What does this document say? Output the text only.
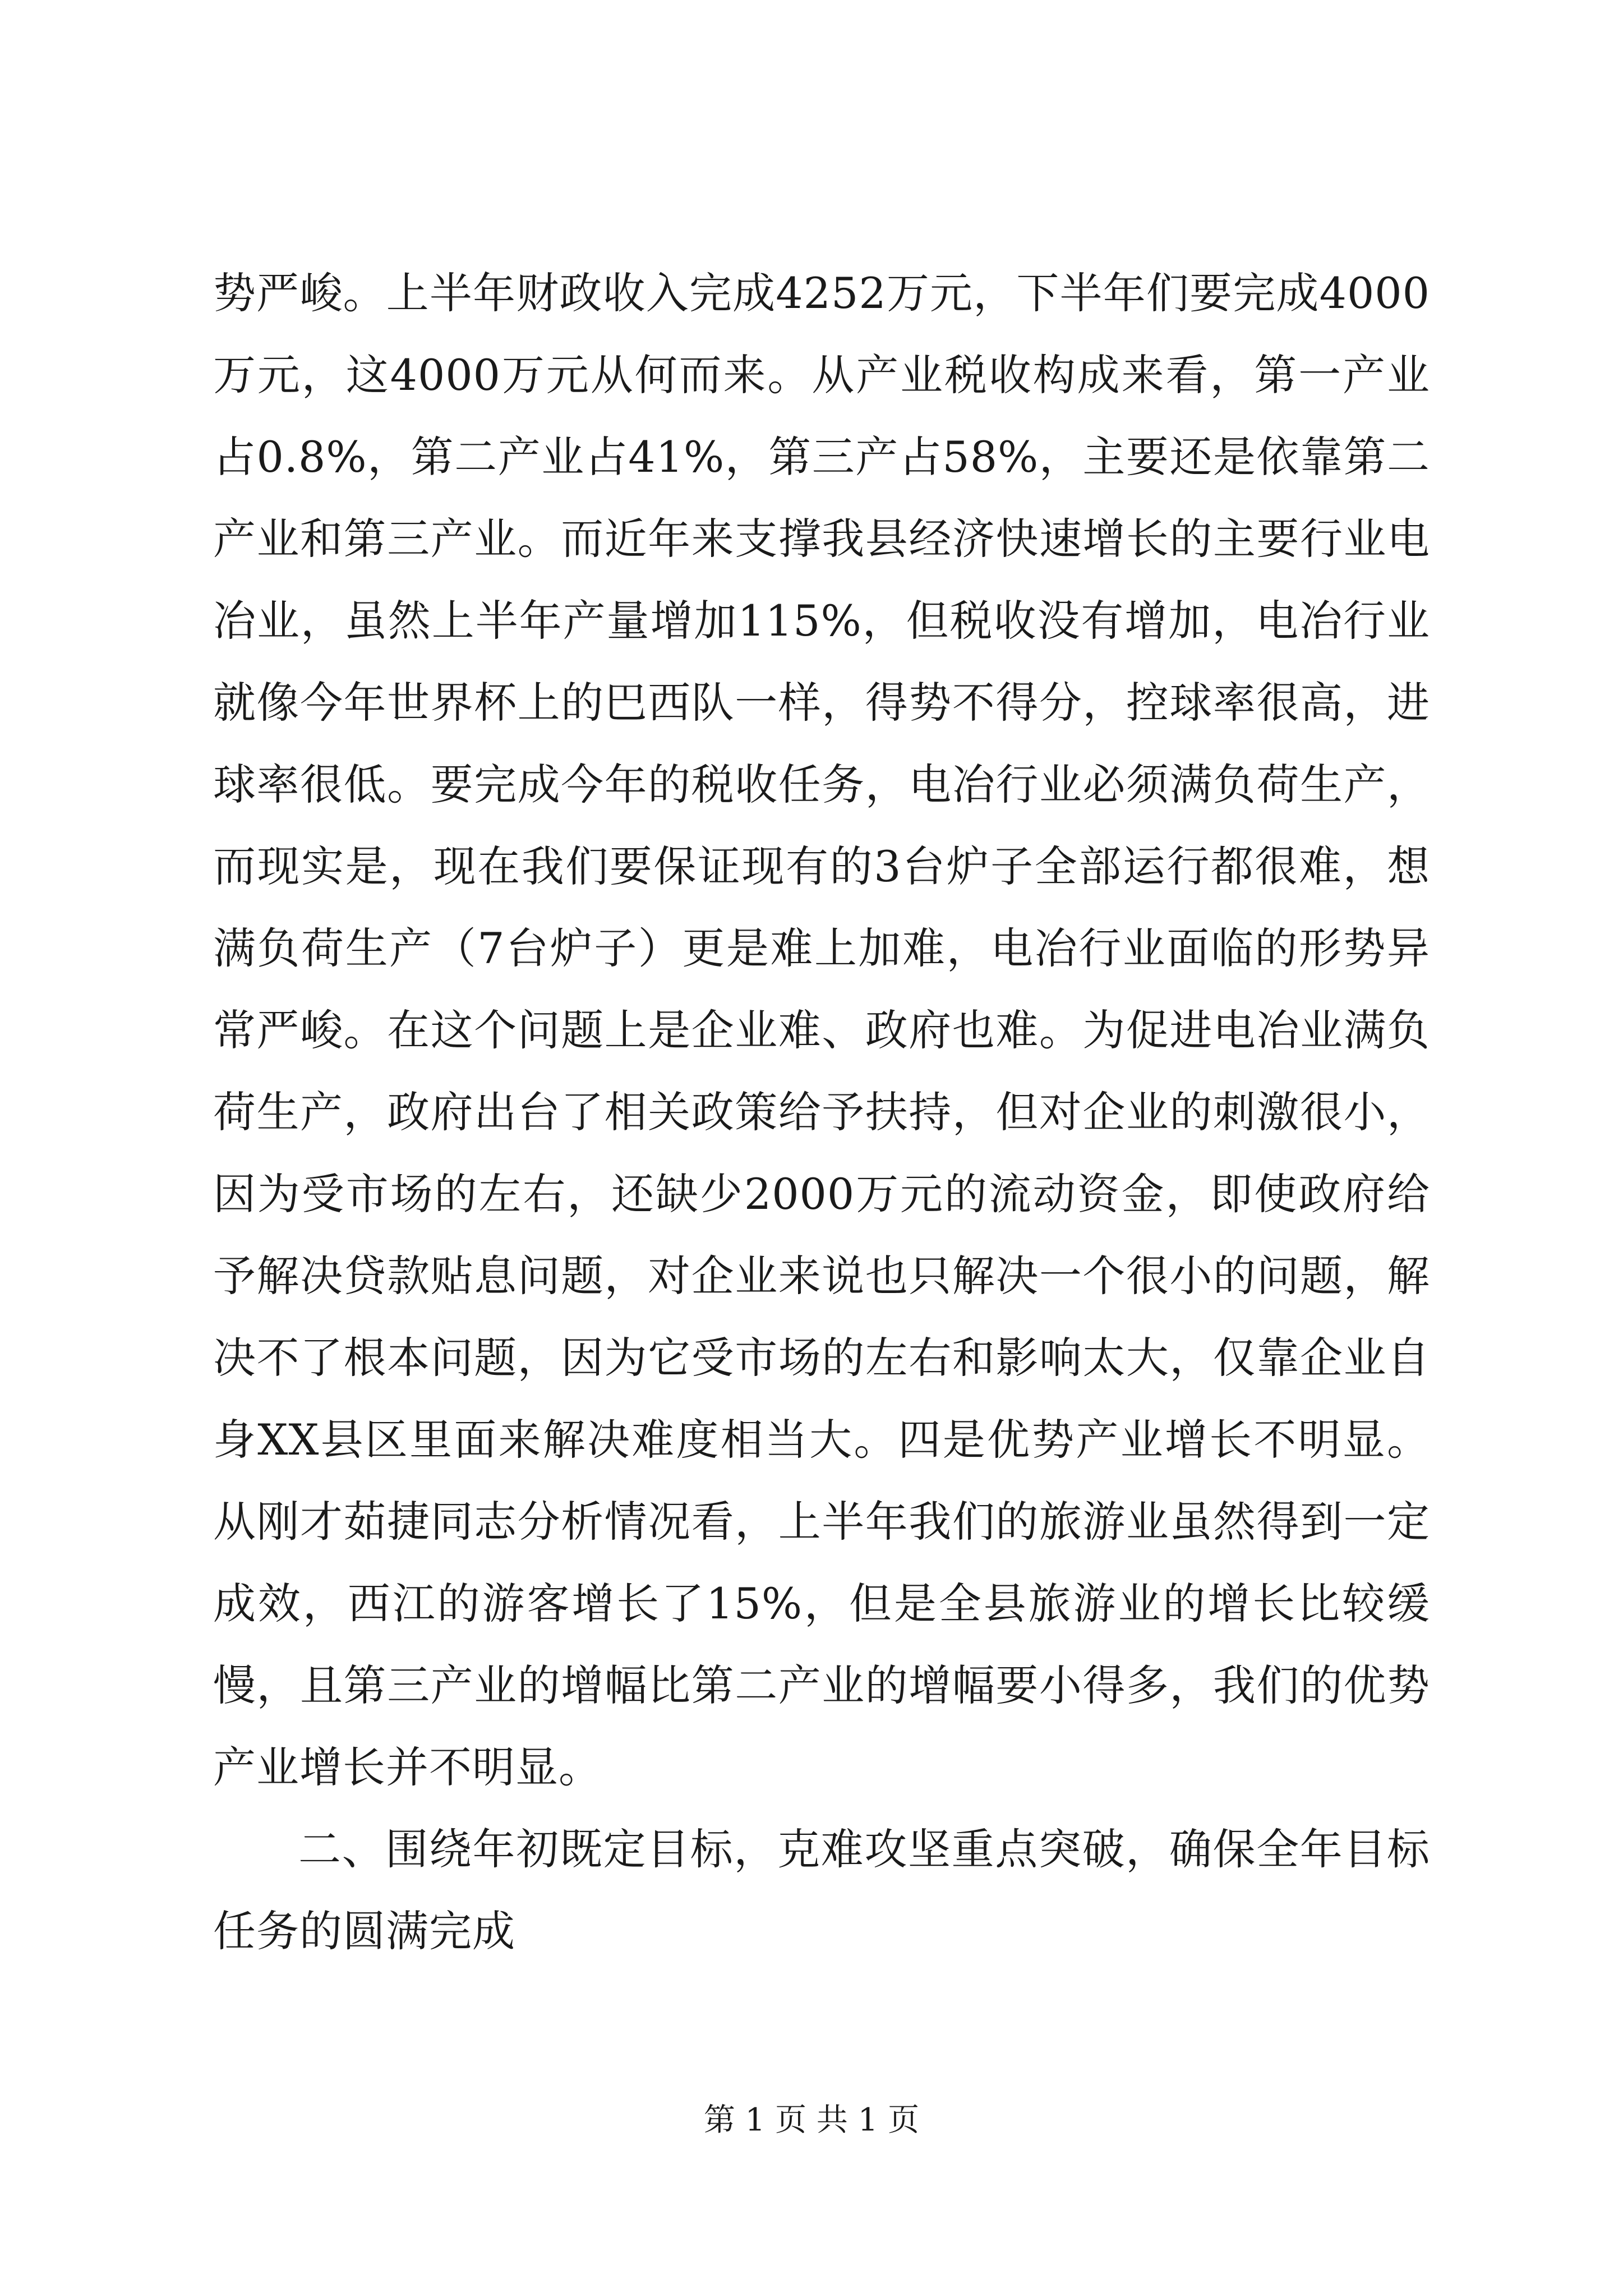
势严峻。上半年财政收入完成4252万元，下半年们要完成4000万元，这4000万元从何而来。从产业税收构成来看，第一产业占0.8%，第二产业占41%，第三产占58%，主要还是依靠第二产业和第三产业。而近年来支撑我县经济快速增长的主要行业电冶业，虽然上半年产量增加115%，但税收没有增加，电冶行业就像今年世界杯上的巴西队一样，得势不得分，控球率很高，进球率很低。要完成今年的税收任务，电冶行业必须满负荷生产，而现实是，现在我们要保证现有的3台炉子全部运行都很难，想满负荷生产（7台炉子）更是难上加难，电冶行业面临的形势异常严峻。在这个问题上是企业难、政府也难。为促进电冶业满负荷生产，政府出台了相关政策给予扶持，但对企业的刺激很小，因为受市场的左右，还缺少2000万元的流动资金，即使政府给予解决贷款贴息问题，对企业来说也只解决一个很小的问题，解决不了根本问题，因为它受市场的左右和影响太大，仅靠企业自身XX县区里面来解决难度相当大。四是优势产业增长不明显。从刚才茹捷同志分析情况看，上半年我们的旅游业虽然得到一定成效，西江的游客增长了15%，但是全县旅游业的增长比较缓慢，且第三产业的增幅比第二产业的增幅要小得多，我们的优势产业增长并不明显。

二、围绕年初既定目标，克难攻坚重点突破，确保全年目标任务的圆满完成

第 1 页 共 1 页
